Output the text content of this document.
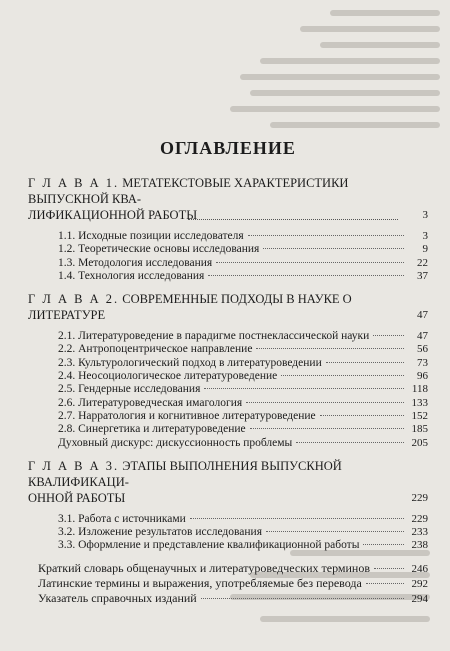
ОГЛАВЛЕНИЕ
Г Л А В А 1. МЕТАТЕКСТОВЫЕ ХАРАКТЕРИСТИКИ ВЫПУСКНОЙ КВА-
ЛИФИКАЦИОННОЙ РАБОТЫ	3
1.1. Исходные позиции исследователя	3
1.2. Теоретические основы исследования	9
1.3. Методология исследования	22
1.4. Технология исследования	37
Г Л А В А 2. СОВРЕМЕННЫЕ ПОДХОДЫ В НАУКЕ О ЛИТЕРАТУРЕ	47
2.1. Литературоведение в парадигме постнеклассической науки	47
2.2. Антропоцентрическое направление	56
2.3. Культурологический подход в литературоведении	73
2.4. Неосоциологическое литературоведение	96
2.5. Гендерные исследования	118
2.6. Литературоведческая имагология	133
2.7. Нарратология и когнитивное литературоведение	152
2.8. Синергетика и литературоведение	185
Духовный дискурс: дискуссионность проблемы	205
Г Л А В А 3. ЭТАПЫ ВЫПОЛНЕНИЯ ВЫПУСКНОЙ КВАЛИФИКАЦИ-
ОННОЙ РАБОТЫ	229
3.1. Работа с источниками	229
3.2. Изложение результатов исследования	233
3.3. Оформление и представление квалификационной работы	238
Краткий словарь общенаучных и литературоведческих терминов	246
Латинские термины и выражения, употребляемые без перевода	292
Указатель справочных изданий	294
